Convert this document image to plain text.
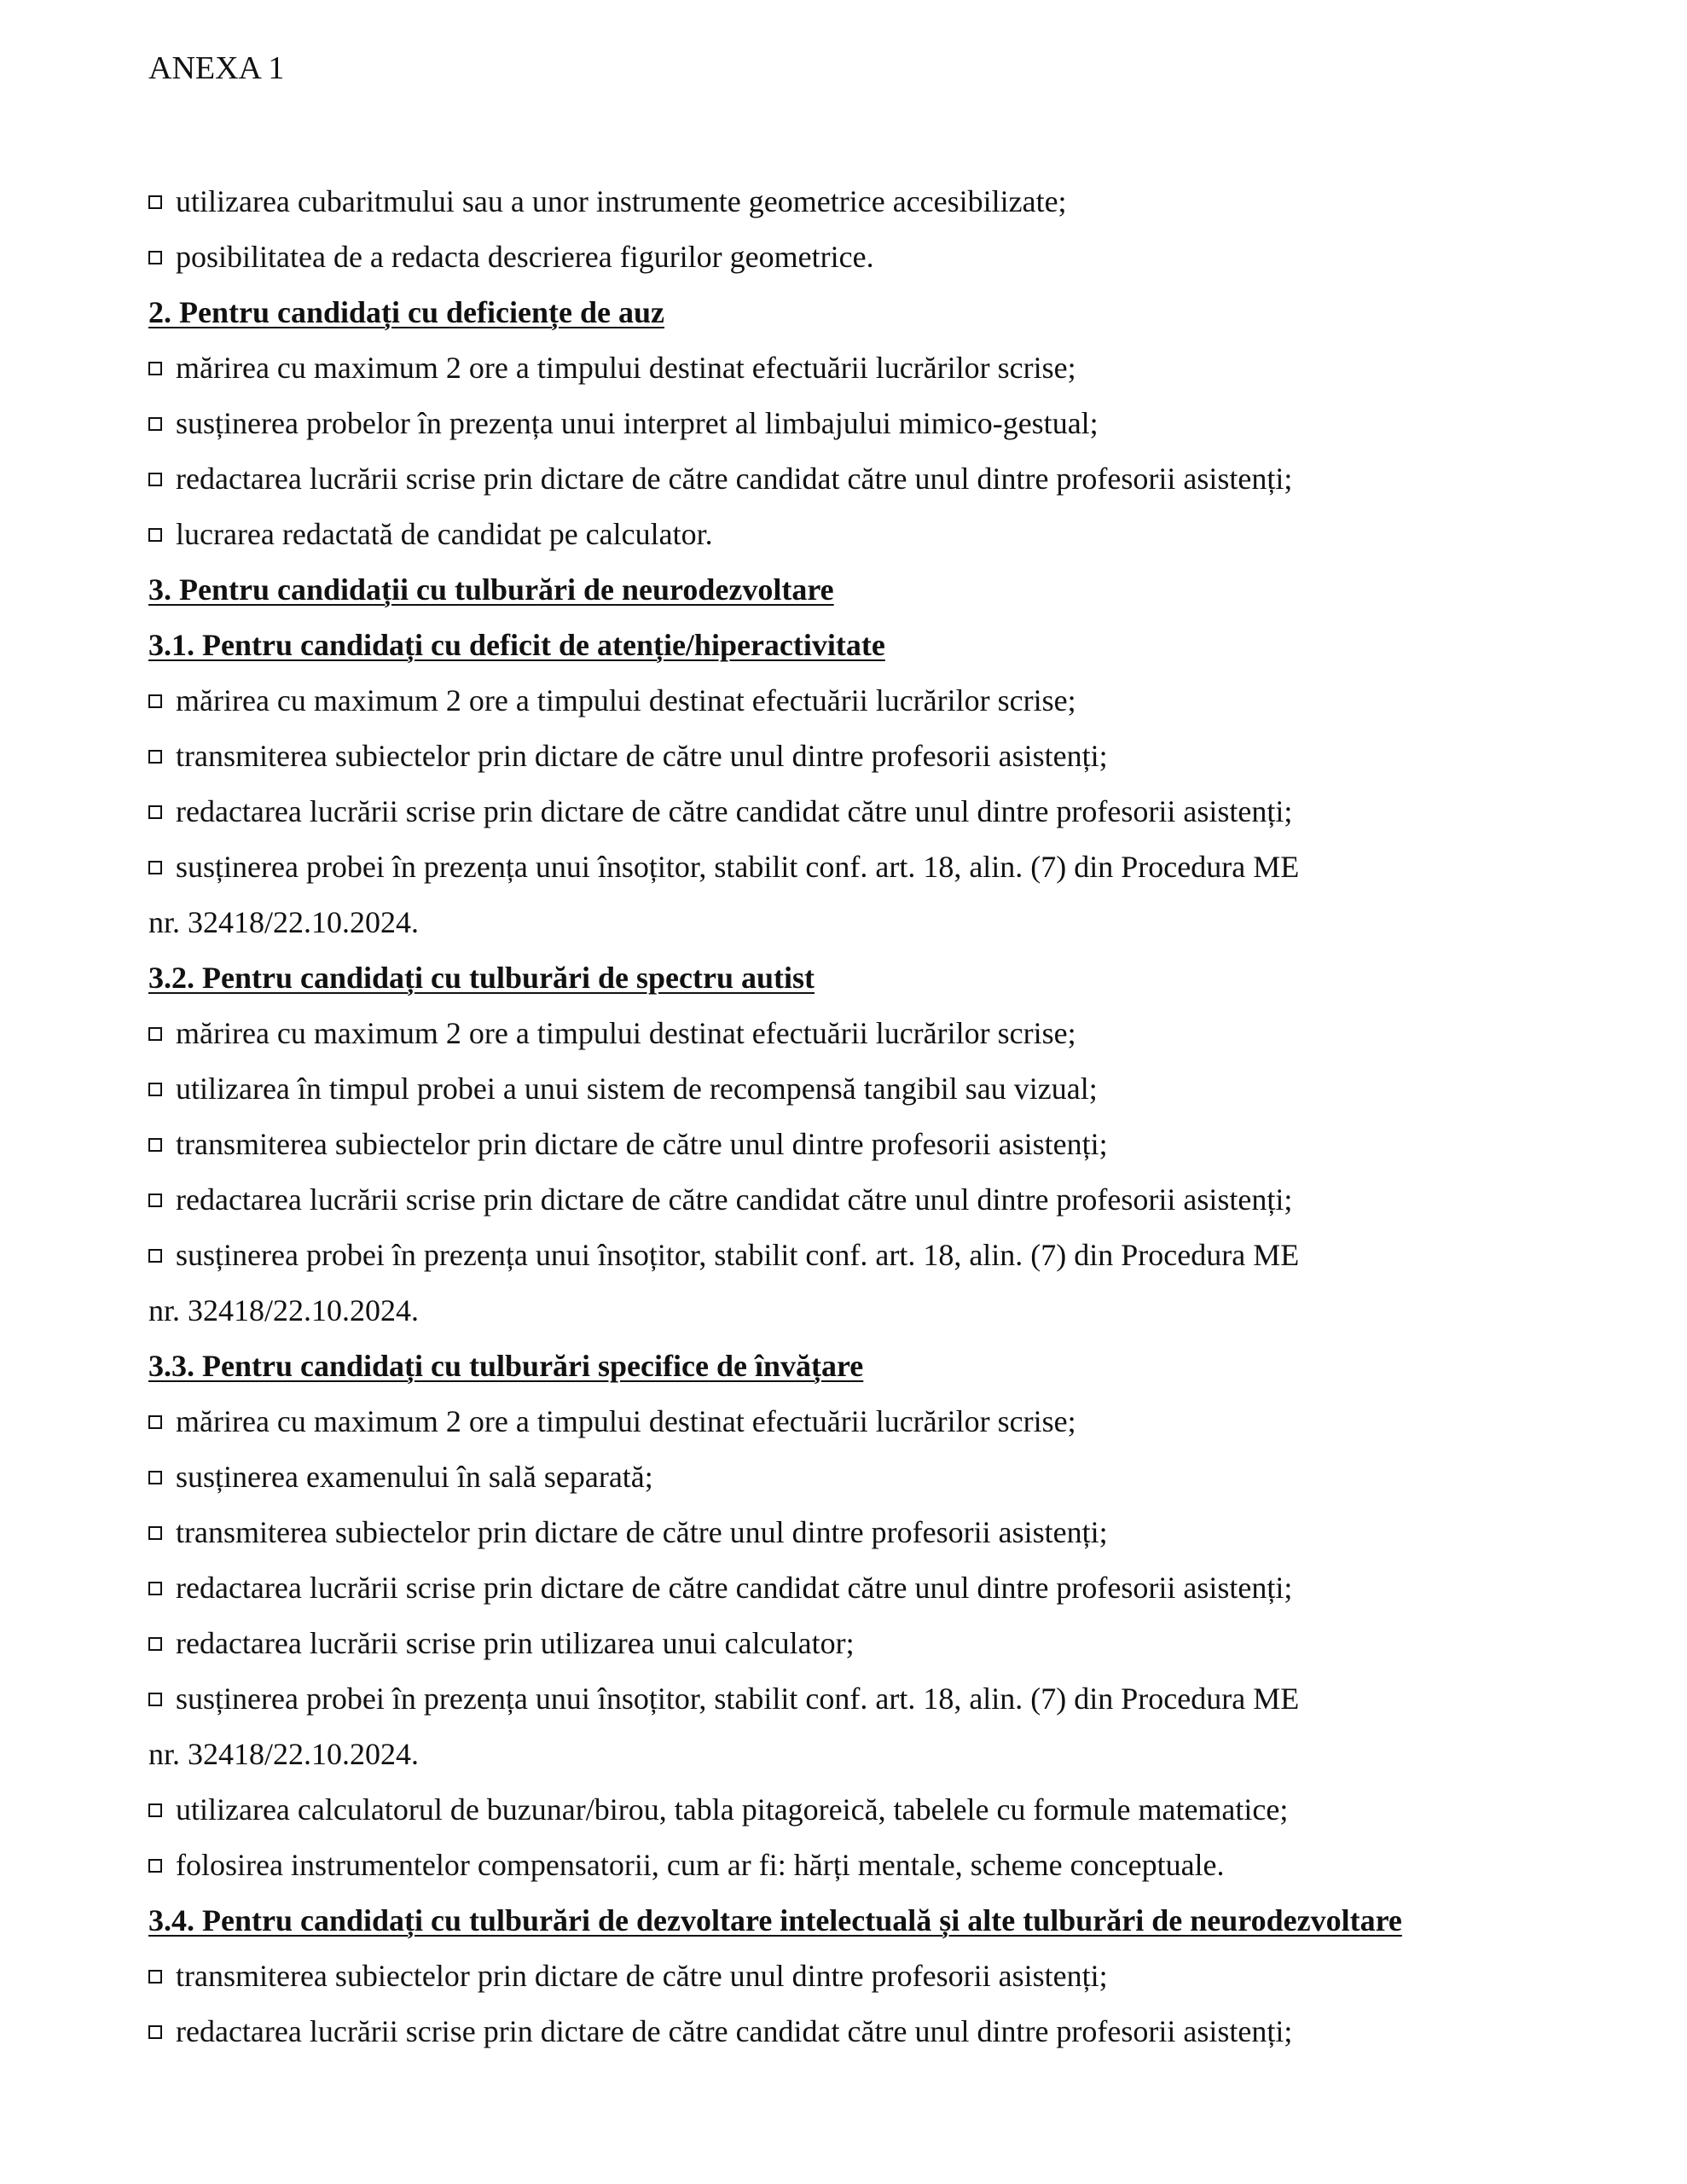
ANEXA 1
utilizarea cubaritmului sau a unor instrumente geometrice accesibilizate;
posibilitatea de a redacta descrierea figurilor geometrice.
2. Pentru candidați cu deficiențe de auz
mărirea cu maximum 2 ore a timpului destinat efectuării lucrărilor scrise;
susținerea probelor în prezența unui interpret al limbajului mimico-gestual;
redactarea lucrării scrise prin dictare de către candidat către unul dintre profesorii asistenți;
lucrarea redactată de candidat pe calculator.
3. Pentru candidații cu tulburări de neurodezvoltare
3.1. Pentru candidați cu deficit de atenție/hiperactivitate
mărirea cu maximum 2 ore a timpului destinat efectuării lucrărilor scrise;
transmiterea subiectelor prin dictare de către unul dintre profesorii asistenți;
redactarea lucrării scrise prin dictare de către candidat către unul dintre profesorii asistenți;
susținerea probei în prezența unui însoțitor, stabilit conf. art. 18, alin. (7) din Procedura ME
nr. 32418/22.10.2024.
3.2. Pentru candidați cu tulburări de spectru autist
mărirea cu maximum 2 ore a timpului destinat efectuării lucrărilor scrise;
utilizarea în timpul probei a unui sistem de recompensă tangibil sau vizual;
transmiterea subiectelor prin dictare de către unul dintre profesorii asistenți;
redactarea lucrării scrise prin dictare de către candidat către unul dintre profesorii asistenți;
susținerea probei în prezența unui însoțitor, stabilit conf. art. 18, alin. (7) din Procedura ME
nr. 32418/22.10.2024.
3.3. Pentru candidați cu tulburări specifice de învățare
mărirea cu maximum 2 ore a timpului destinat efectuării lucrărilor scrise;
susținerea examenului în sală separată;
transmiterea subiectelor prin dictare de către unul dintre profesorii asistenți;
redactarea lucrării scrise prin dictare de către candidat către unul dintre profesorii asistenți;
redactarea lucrării scrise prin utilizarea unui calculator;
susținerea probei în prezența unui însoțitor, stabilit conf. art. 18, alin. (7) din Procedura ME
nr. 32418/22.10.2024.
utilizarea calculatorul de buzunar/birou, tabla pitagoreică, tabelele cu formule matematice;
folosirea instrumentelor compensatorii, cum ar fi: hărți mentale, scheme conceptuale.
3.4. Pentru candidați cu tulburări de dezvoltare intelectuală și alte tulburări de neurodezvoltare
transmiterea subiectelor prin dictare de către unul dintre profesorii asistenți;
redactarea lucrării scrise prin dictare de către candidat către unul dintre profesorii asistenți;
